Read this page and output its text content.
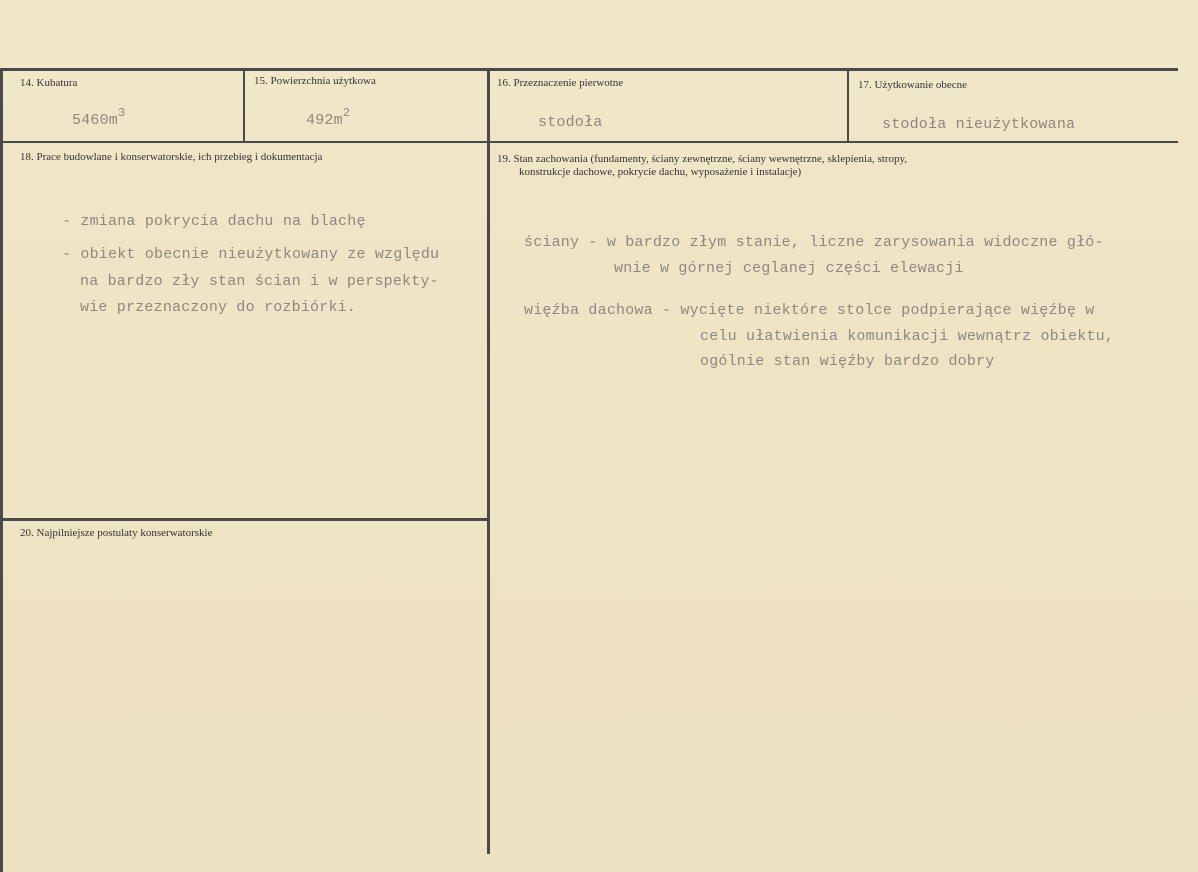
14. Kubatura
$5460m^3$
15. Powierzchnia użytkowa
$492m^2$
16. Przeznaczenie pierwotne
stodoła
17. Użytkowanie obecne
stodoła nieużytkowana
18. Prace budowlane i konserwatorskie, ich przebieg i dokumentacja
- zmiana pokrycia dachu na blachę
- obiekt obecnie nieużytkowany ze względu
na bardzo zły stan ścian i w perspekty-
wie przeznaczony do rozbiórki.
19. Stan zachowania (fundamenty, ściany zewnętrzne, ściany wewnętrzne, sklepienia, stropy,
konstrukcje dachowe, pokrycie dachu, wyposażenie i instalacje)
ściany - w bardzo złym stanie, liczne zarysowania widoczne głó-
wnie w górnej ceglanej części elewacji
więźba dachowa - wycięte niektóre stolce podpierające więźbę w
celu ułatwienia komunikacji wewnątrz obiektu,
ogólnie stan więźby bardzo dobry
20. Najpilniejsze postulaty konserwatorskie
